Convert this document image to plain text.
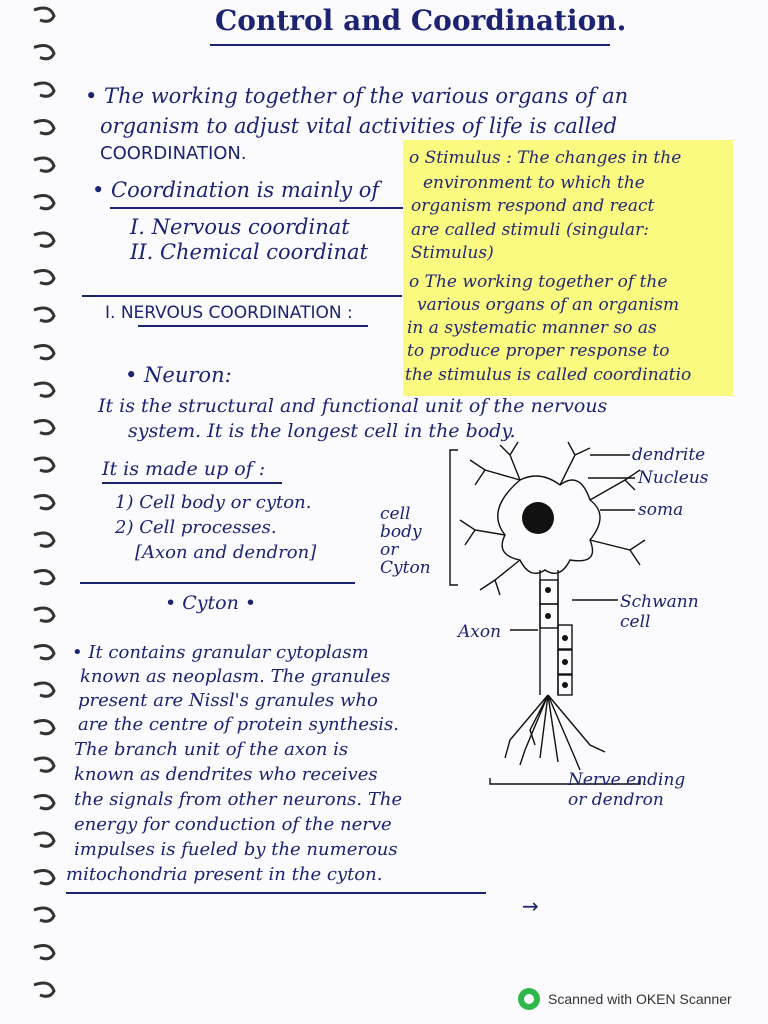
Control and Coordination.
• The working together of the various organs of an
organism to adjust vital activities of life is called
COORDINATION.
• Coordination is mainly of
I. Nervous coordinat
II. Chemical coordinat
o Stimulus : The changes in the
environment to which the
organism respond and react
are called stimuli (singular:
Stimulus)
o The working together of the
various organs of an organism
in a systematic manner so as
to produce proper response to
the stimulus is called coordinatio
I. NERVOUS COORDINATION :
• Neuron:
It is the structural and functional unit of the nervous
system. It is the longest cell in the body.
It is made up of :
1) Cell body or cyton.
2) Cell processes.
[Axon and dendron]
• Cyton •
• It contains granular cytoplasm
known as neoplasm. The granules
present are Nissl's granules who
are the centre of protein synthesis.
The branch unit of the axon is
known as dendrites who receives
the signals from other neurons. The
energy for conduction of the nerve
impulses is fueled by the numerous
mitochondria present in the cyton.
dendrite
Nucleus
soma
cell body or Cyton
Schwann cell
Axon
Nerve ending or dendron
→
Scanned with OKEN Scanner
